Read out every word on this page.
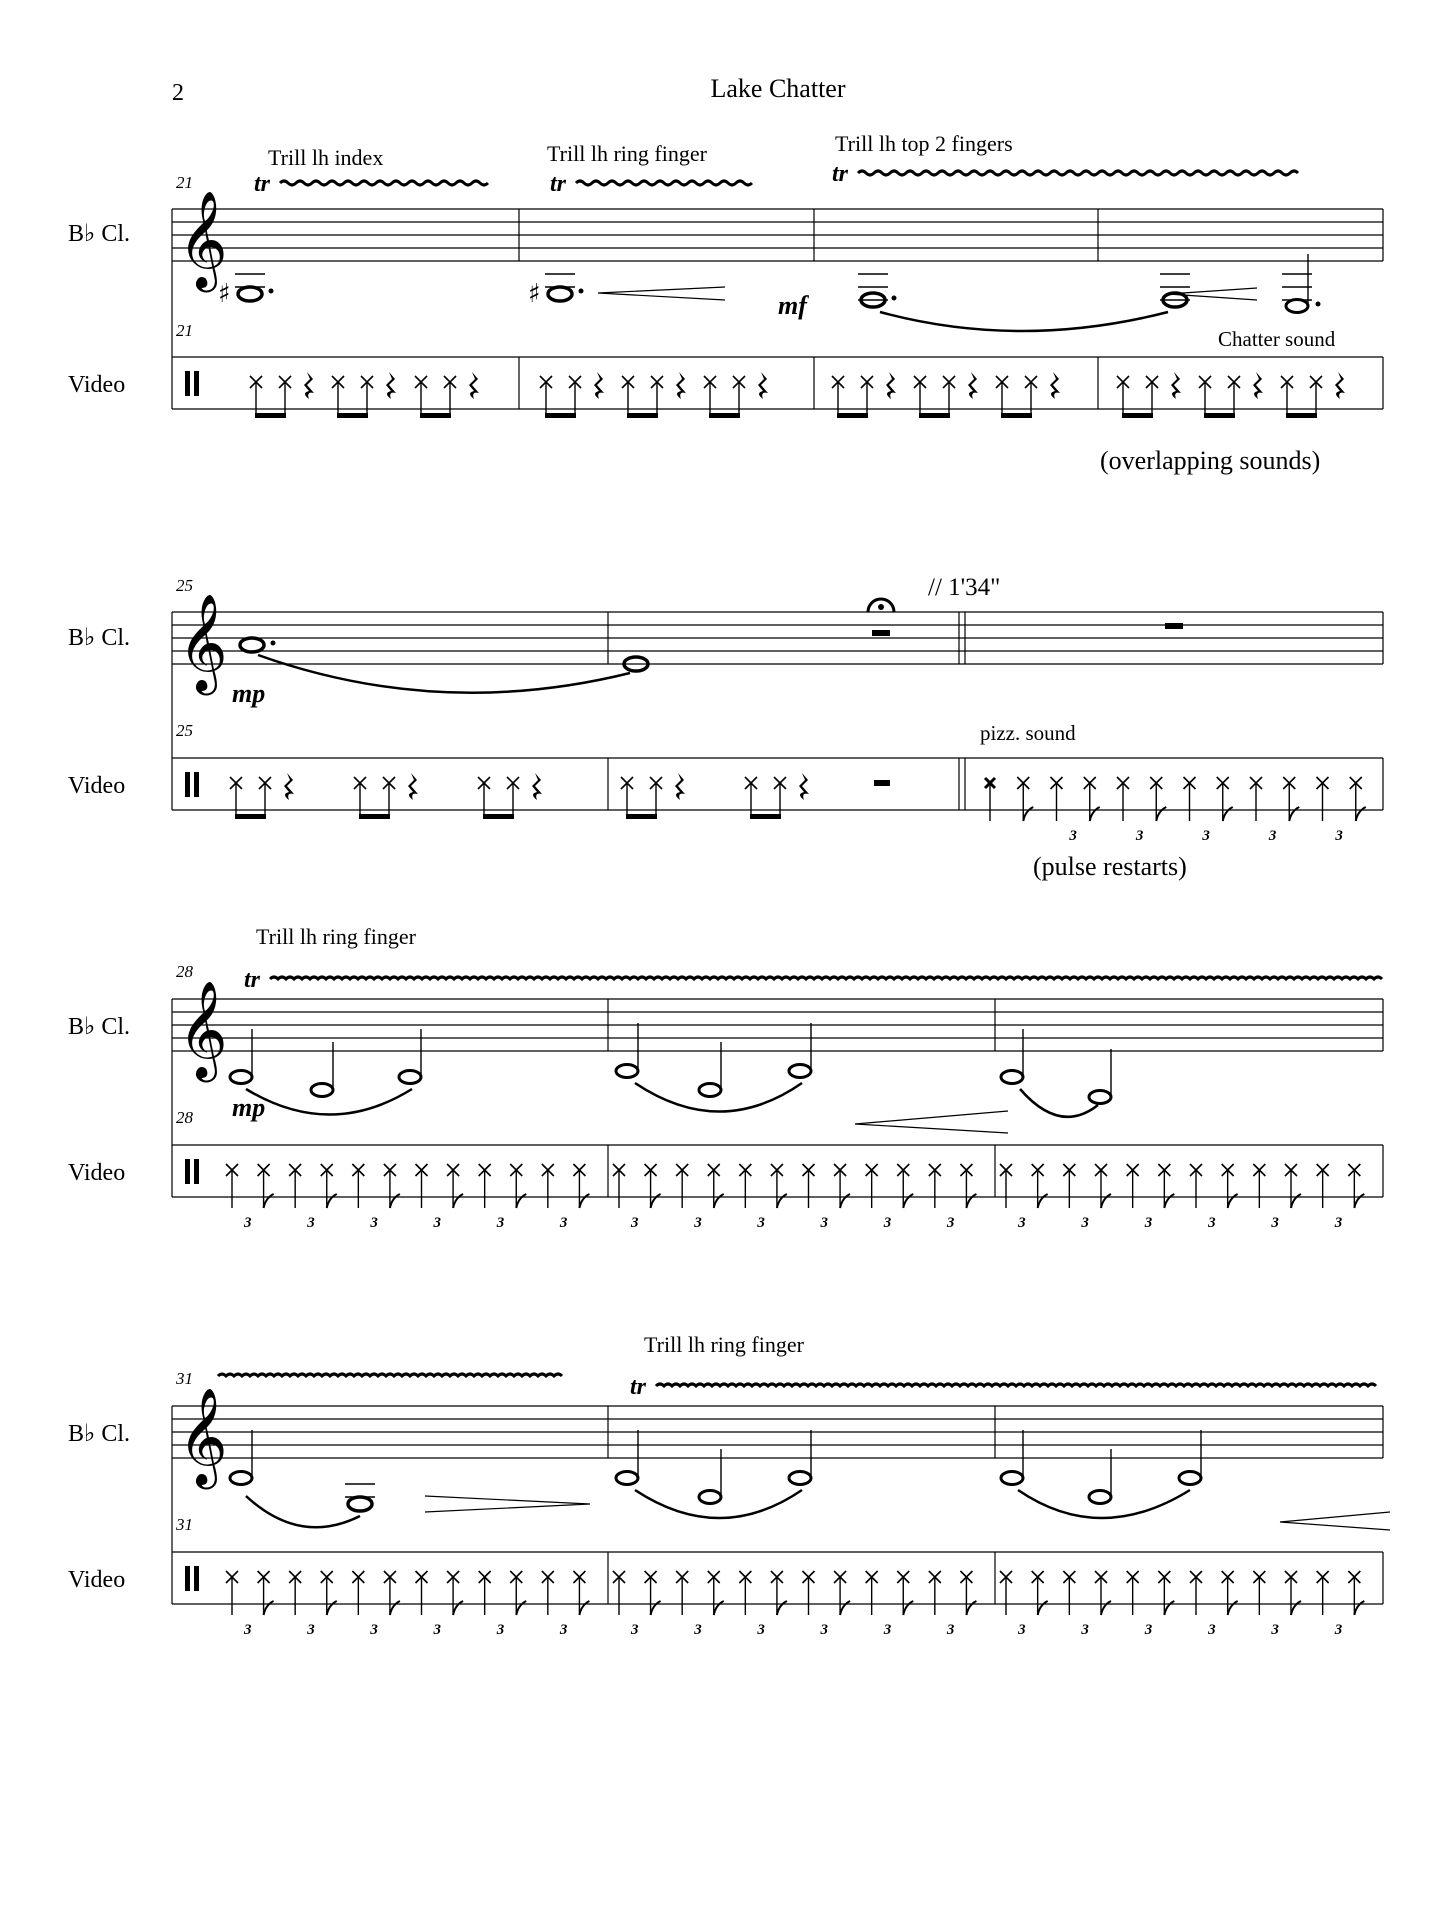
2	Lake Chatter
B♭ Cl.
Video
21
21
𝄞
Trill lh index	Trill lh ring finger	Trill lh top 2 fingers
tr	tr	tr
♯	♯	mf
Chatter sound
(overlapping sounds)
B♭ Cl.
Video
25
25
𝄞
mp
// 1'34"
pizz. sound
3	3	3	3	3
(pulse restarts)
Trill lh ring finger
tr
B♭ Cl.
Video
28
28
𝄞
mp
3	3	3	3	3	3	3	3	3	3	3	3	3	3	3	3	3	3
Trill lh ring finger
tr
B♭ Cl.
Video
31
31
𝄞
3	3	3	3	3	3	3	3	3	3	3	3	3	3	3	3	3	3
